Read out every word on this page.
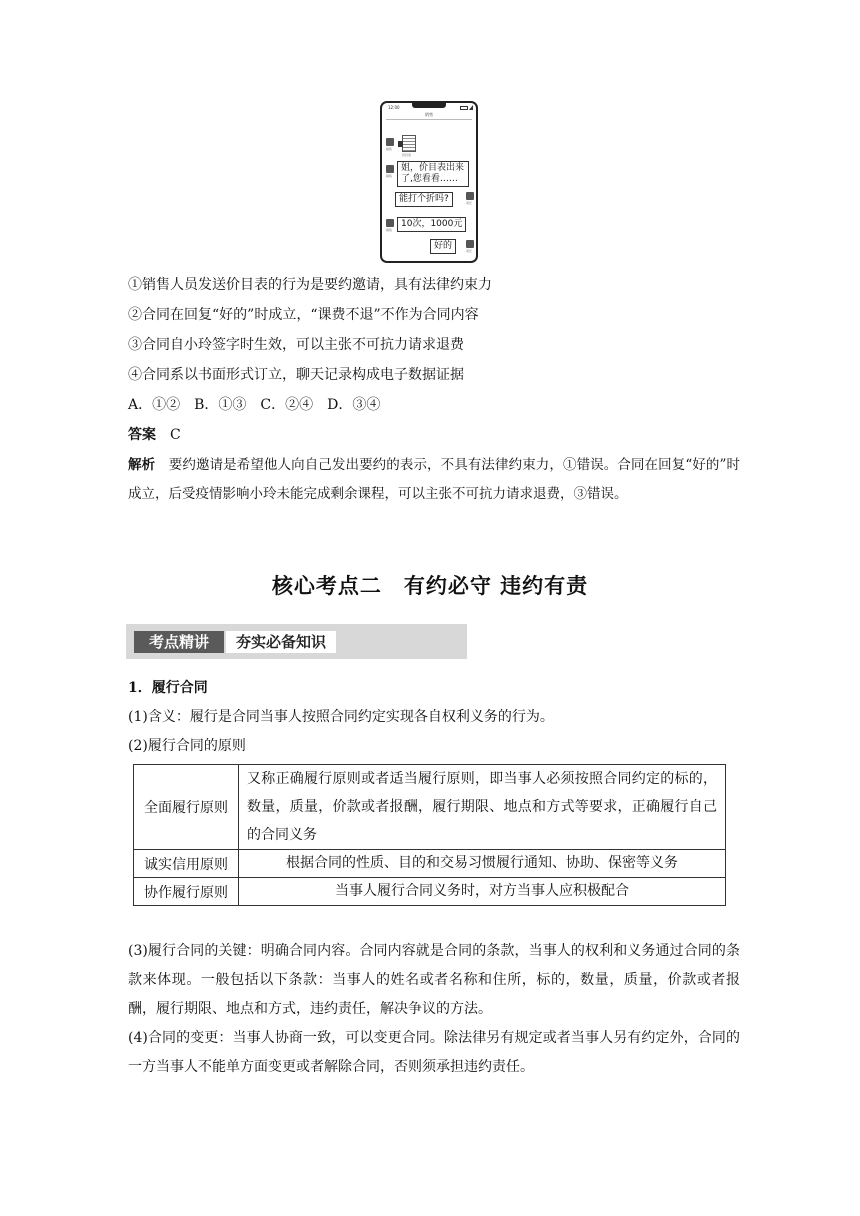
12:00
销售
销售
价目表
销售
姐，价目表出来了,您看看……
家长
能打个折吗?
销售
10次，1000元
家长
好的
①销售人员发送价目表的行为是要约邀请，具有法律约束力
②合同在回复“好的”时成立，“课费不退”不作为合同内容
③合同自小玲签字时生效，可以主张不可抗力请求退费
④合同系以书面形式订立，聊天记录构成电子数据证据
A．①②　B．①③　C．②④　D．③④
答案　 C
解析　 要约邀请是希望他人向自己发出要约的表示，不具有法律约束力，①错误。合同在回复“好的”时成立，后受疫情影响小玲未能完成剩余课程，可以主张不可抗力请求退费，③错误。
核心考点二　有约必守 违约有责
考点精讲	夯实必备知识
1．履行合同
(1)含义：履行是合同当事人按照合同约定实现各自权利义务的行为。
(2)履行合同的原则
全面履行原则	又称正确履行原则或者适当履行原则，即当事人必须按照合同约定的标的，数量，质量，价款或者报酬，履行期限、地点和方式等要求，正确履行自己的合同义务
诚实信用原则	根据合同的性质、目的和交易习惯履行通知、协助、保密等义务
协作履行原则	当事人履行合同义务时，对方当事人应积极配合
(3)履行合同的关键：明确合同内容。合同内容就是合同的条款，当事人的权利和义务通过合同的条款来体现。一般包括以下条款：当事人的姓名或者名称和住所，标的，数量，质量，价款或者报酬，履行期限、地点和方式，违约责任，解决争议的方法。
(4)合同的变更：当事人协商一致，可以变更合同。除法律另有规定或者当事人另有约定外，合同的一方当事人不能单方面变更或者解除合同，否则须承担违约责任。
